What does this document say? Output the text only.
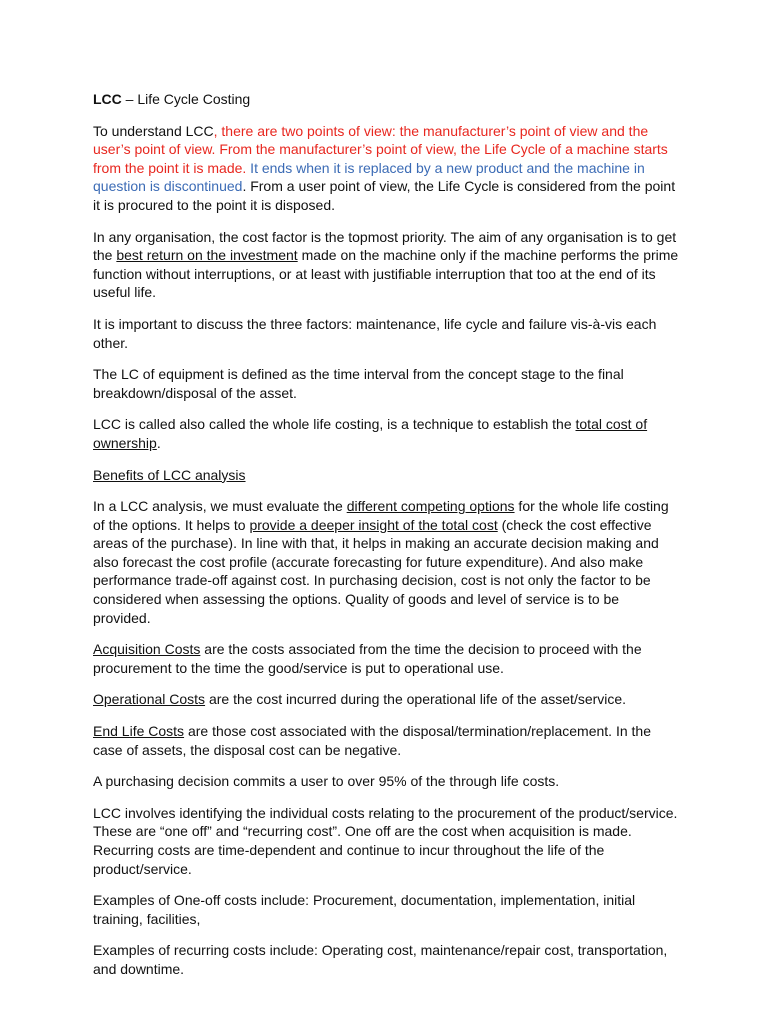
LCC – Life Cycle Costing

To understand LCC, there are two points of view: the manufacturer’s point of view and the user’s point of view. From the manufacturer’s point of view, the Life Cycle of a machine starts from the point it is made. It ends when it is replaced by a new product and the machine in question is discontinued. From a user point of view, the Life Cycle is considered from the point it is procured to the point it is disposed.

In any organisation, the cost factor is the topmost priority. The aim of any organisation is to get the best return on the investment made on the machine only if the machine performs the prime function without interruptions, or at least with justifiable interruption that too at the end of its useful life.

It is important to discuss the three factors: maintenance, life cycle and failure vis-à-vis each other.

The LC of equipment is defined as the time interval from the concept stage to the final breakdown/disposal of the asset.

LCC is called also called the whole life costing, is a technique to establish the total cost of ownership.

Benefits of LCC analysis

In a LCC analysis, we must evaluate the different competing options for the whole life costing of the options. It helps to provide a deeper insight of the total cost (check the cost effective areas of the purchase). In line with that, it helps in making an accurate decision making and also forecast the cost profile (accurate forecasting for future expenditure). And also make performance trade-off against cost. In purchasing decision, cost is not only the factor to be considered when assessing the options. Quality of goods and level of service is to be provided.

Acquisition Costs are the costs associated from the time the decision to proceed with the procurement to the time the good/service is put to operational use.

Operational Costs are the cost incurred during the operational life of the asset/service.

End Life Costs are those cost associated with the disposal/termination/replacement. In the case of assets, the disposal cost can be negative.

A purchasing decision commits a user to over 95% of the through life costs.

LCC involves identifying the individual costs relating to the procurement of the product/service. These are “one off” and “recurring cost”. One off are the cost when acquisition is made. Recurring costs are time-dependent and continue to incur throughout the life of the product/service.

Examples of One-off costs include: Procurement, documentation, implementation, initial training, facilities,

Examples of recurring costs include: Operating cost, maintenance/repair cost, transportation, and downtime.
